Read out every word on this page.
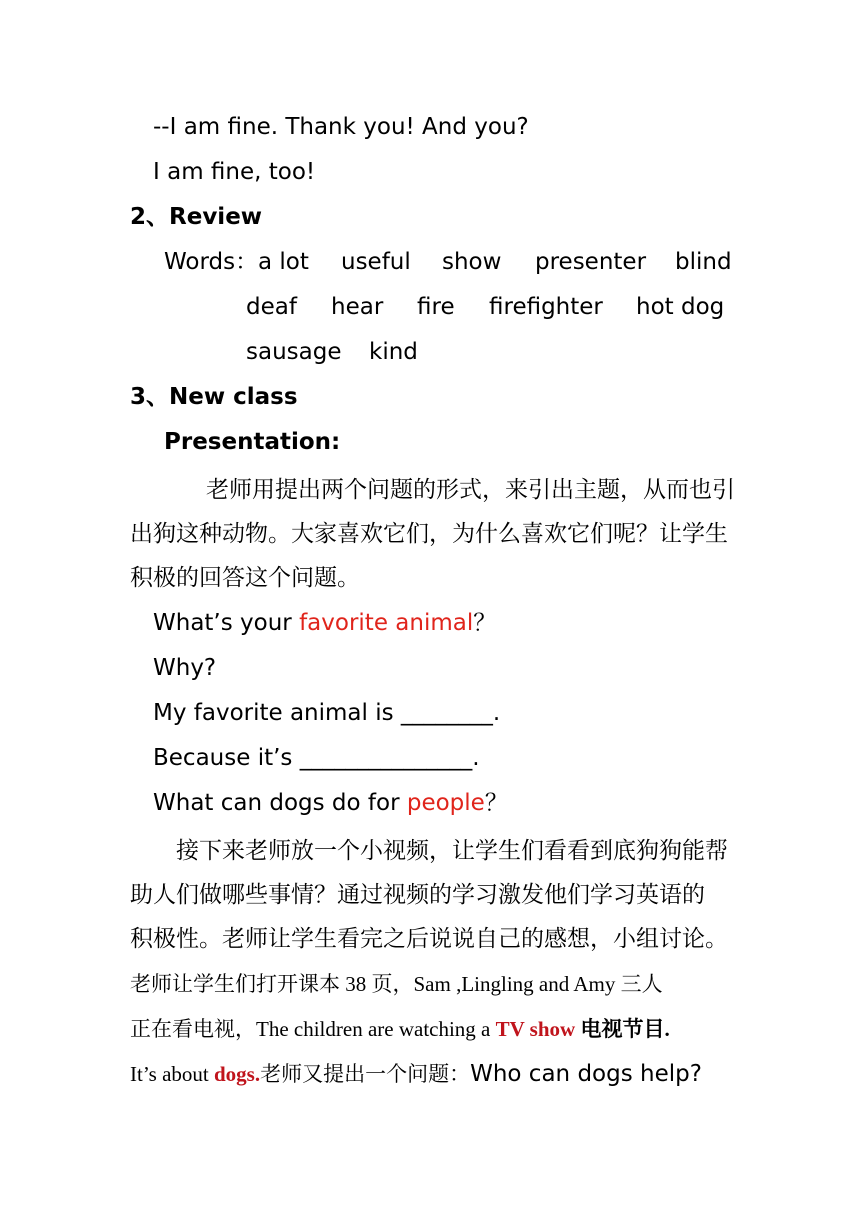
--I am fine. Thank you! And you?
I am fine, too!
2、Review
Words： a lot useful show presenter blind
deaf hear fire firefighter hot dog
sausage kind
3、New class
Presentation:
老师用提出两个问题的形式，来引出主题，从而也引
出狗这种动物。大家喜欢它们，为什么喜欢它们呢？让学生
积极的回答这个问题。
What’s your favorite animal？
Why?
My favorite animal is ________.
Because it’s _______________.
What can dogs do for people？
接下来老师放一个小视频，让学生们看看到底狗狗能帮
助人们做哪些事情？通过视频的学习激发他们学习英语的
积极性。老师让学生看完之后说说自己的感想，小组讨论。
老师让学生们打开课本 38 页，Sam ,Lingling and Amy 三人
正在看电视，The children are watching a TV show 电视节目.
It’s about dogs.老师又提出一个问题：Who can dogs help?
